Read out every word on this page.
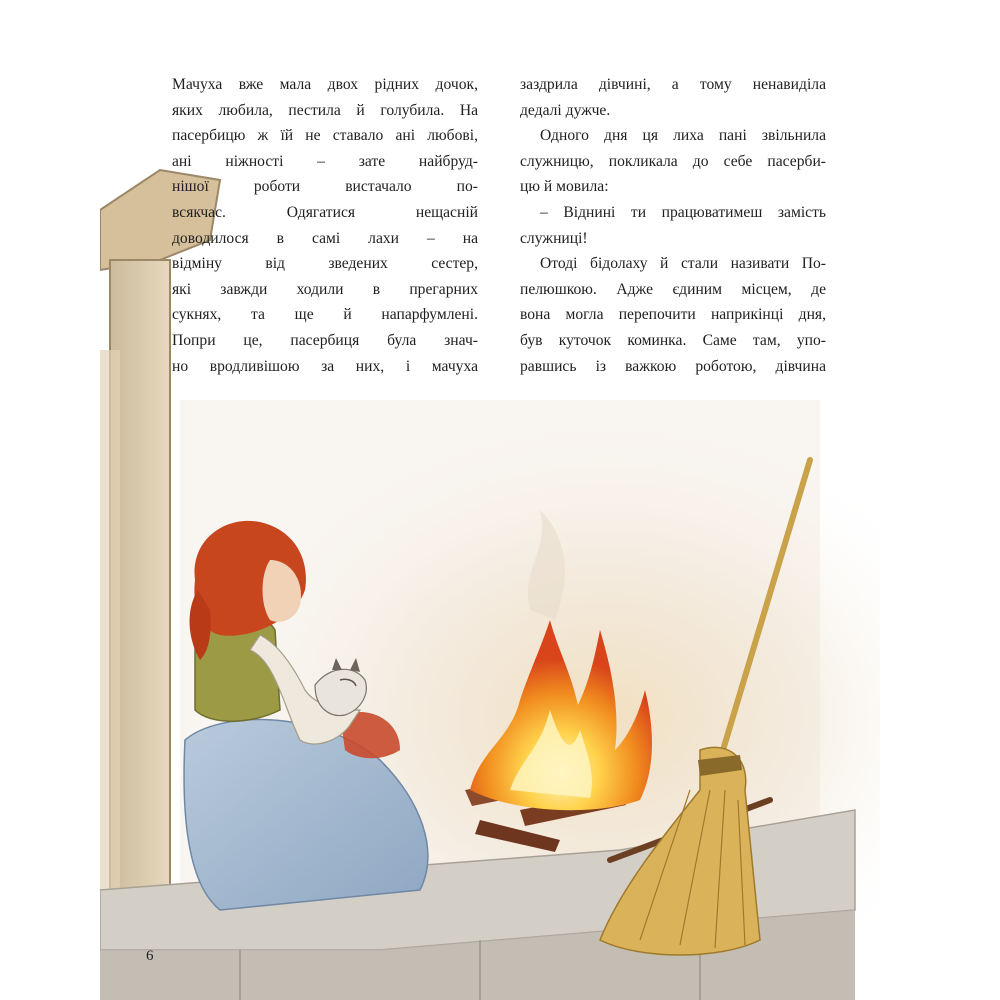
Мачуха вже мала двох рідних дочок,
яких любила, пестила й голубила. На
пасербицю ж їй не ставало ані любові,
ані ніжності – зате найбруд-
нішої роботи вистачало по-
всякчас. Одягатися нещасній
доводилося в самі лахи – на
відміну від зведених сестер,
які завжди ходили в прегарних
сукнях, та ще й напарфумлені.
Попри це, пасербиця була знач-
но вродливішою за них, і мачуха

заздрила дівчині, а тому ненавиділа
дедалі дужче.

Одного дня ця лиха пані звільнила
служницю, покликала до себе пасерби-
цю й мовила:

– Віднині ти працюватимеш замість
служниці!

Отоді бідолаху й стали називати По-
пелюшкою. Адже єдиним місцем, де
вона могла перепочити наприкінці дня,
був куточок коминка. Саме там, упо-
равшись із важкою роботою, дівчина

6
